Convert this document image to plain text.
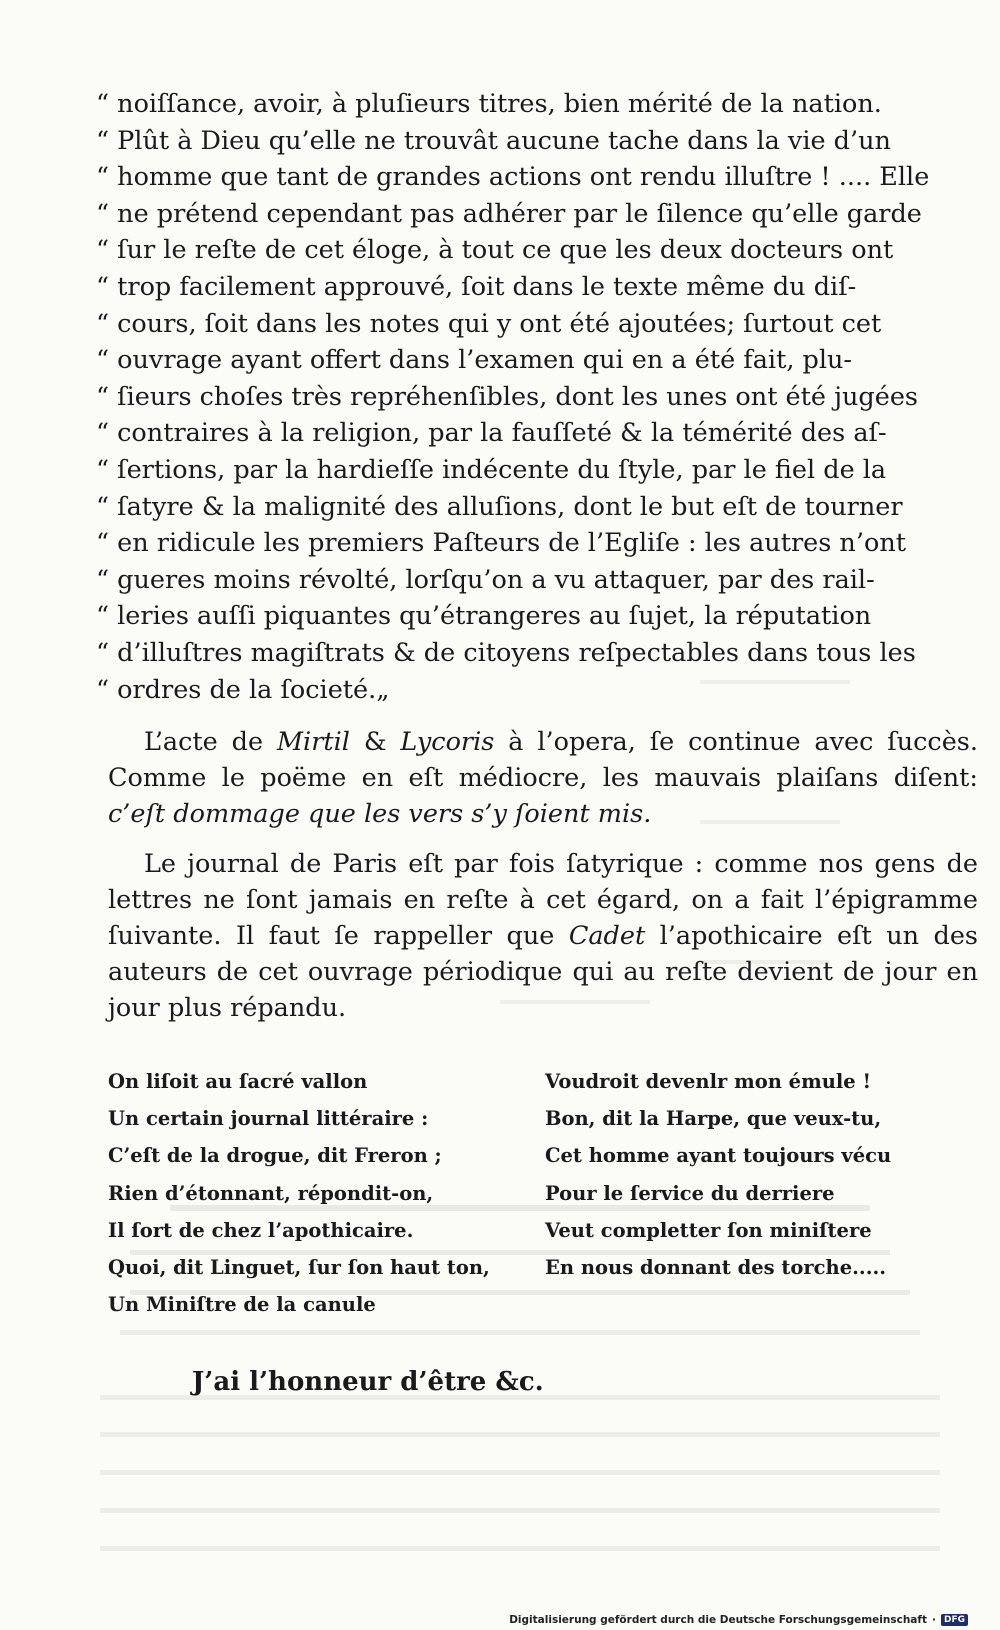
“ noiſſance, avoir, à pluſieurs titres, bien mérité de la nation.
“ Plût à Dieu qu’elle ne trouvât aucune tache dans la vie d’un
“ homme que tant de grandes actions ont rendu illuſtre ! .... Elle
“ ne prétend cependant pas adhérer par le ſilence qu’elle garde
“ ſur le reſte de cet éloge, à tout ce que les deux docteurs ont
“ trop facilement approuvé, ſoit dans le texte même du diſ-
“ cours, ſoit dans les notes qui y ont été ajoutées; ſurtout cet
“ ouvrage ayant offert dans l’examen qui en a été fait, plu-
“ ſieurs choſes très repréhenſibles, dont les unes ont été jugées
“ contraires à la religion, par la fauſſeté & la témérité des aſ-
“ ſertions, par la hardieſſe indécente du ſtyle, par le fiel de la
“ ſatyre & la malignité des alluſions, dont le but eſt de tourner
“ en ridicule les premiers Paſteurs de l’Egliſe : les autres n’ont
“ gueres moins révolté, lorſqu’on a vu attaquer, par des rail-
“ leries auſſi piquantes qu’étrangeres au ſujet, la réputation
“ d’illuſtres magiſtrats & de citoyens reſpectables dans tous les
“ ordres de la ſocieté.„

L’acte de Mirtil & Lycoris à l’opera, ſe continue avec ſuccès. Comme le poëme en eſt médiocre, les mauvais plaiſans diſent: c’eſt dommage que les vers s’y ſoient mis.

Le journal de Paris eſt par fois ſatyrique : comme nos gens de lettres ne ſont jamais en reſte à cet égard, on a fait l’épigramme ſuivante. Il faut ſe rappeller que Cadet l’apothicaire eſt un des auteurs de cet ouvrage périodique qui au reſte devient de jour en jour plus répandu.

On liſoit au ſacré vallon
Un certain journal littéraire :
C’eſt de la drogue, dit Freron ;
Rien d’étonnant, répondit-on,
Il ſort de chez l’apothicaire.
Quoi, dit Linguet, ſur ſon haut ton,
Un Miniſtre de la canule
Voudroit devenlr mon émule !
Bon, dit la Harpe, que veux-tu,
Cet homme ayant toujours vécu
Pour le ſervice du derriere
Veut completter ſon miniſtere
En nous donnant des torche.....
J’ai l’honneur d’être &c.
Digitalisierung gefördert durch die Deutsche Forschungsgemeinschaft · DFG
